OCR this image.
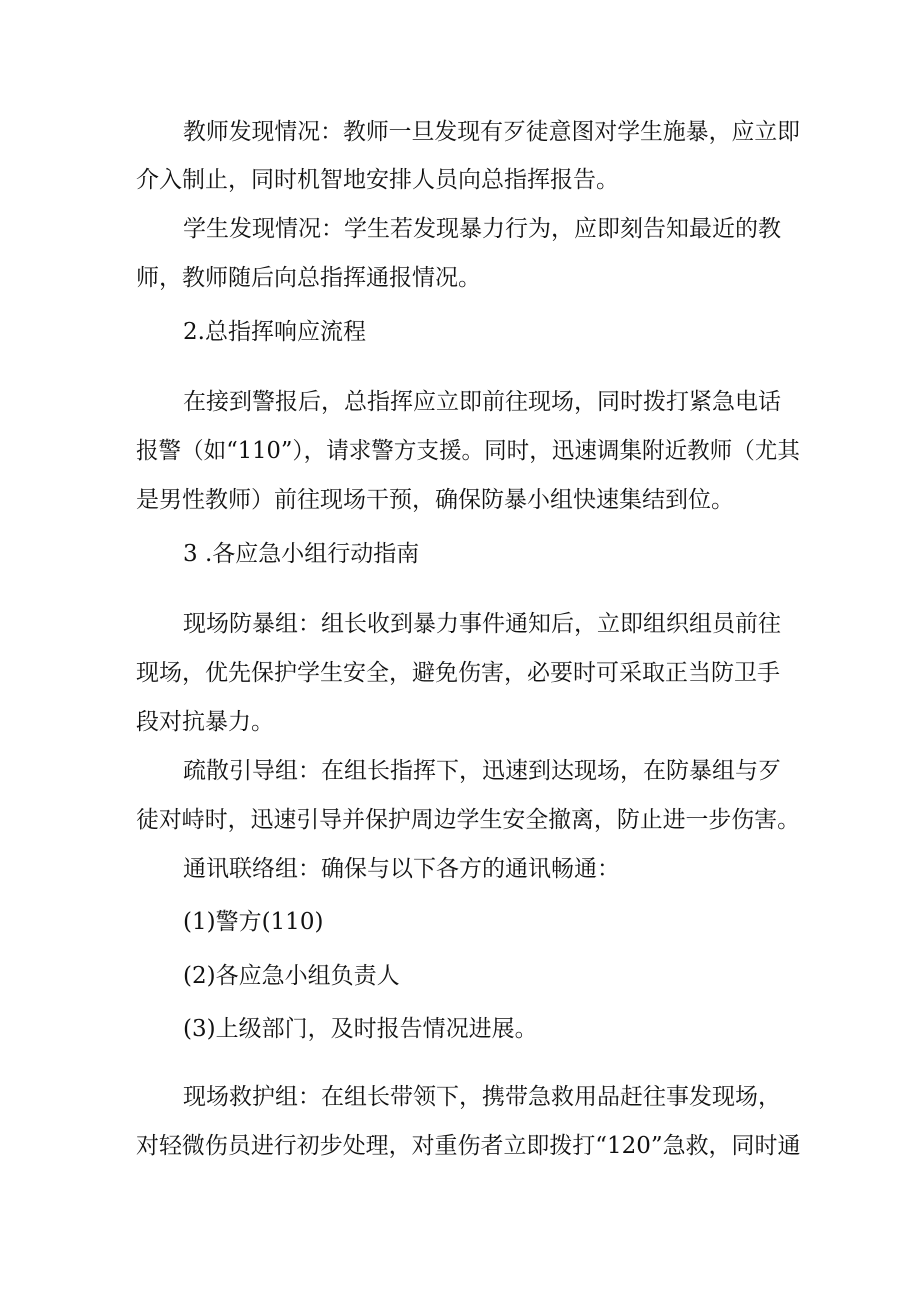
教师发现情况：教师一旦发现有歹徒意图对学生施暴，应立即
介入制止，同时机智地安排人员向总指挥报告。
学生发现情况：学生若发现暴力行为，应即刻告知最近的教
师，教师随后向总指挥通报情况。
2.总指挥响应流程
在接到警报后，总指挥应立即前往现场，同时拨打紧急电话
报警（如“110”），请求警方支援。同时，迅速调集附近教师（尤其
是男性教师）前往现场干预，确保防暴小组快速集结到位。
3 .各应急小组行动指南
现场防暴组：组长收到暴力事件通知后，立即组织组员前往
现场，优先保护学生安全，避免伤害，必要时可采取正当防卫手
段对抗暴力。
疏散引导组：在组长指挥下，迅速到达现场，在防暴组与歹
徒对峙时，迅速引导并保护周边学生安全撤离，防止进一步伤害。
通讯联络组：确保与以下各方的通讯畅通：
(1)警方(110)
(2)各应急小组负责人
(3)上级部门，及时报告情况进展。
现场救护组：在组长带领下，携带急救用品赶往事发现场，
对轻微伤员进行初步处理，对重伤者立即拨打“120”急救，同时通
